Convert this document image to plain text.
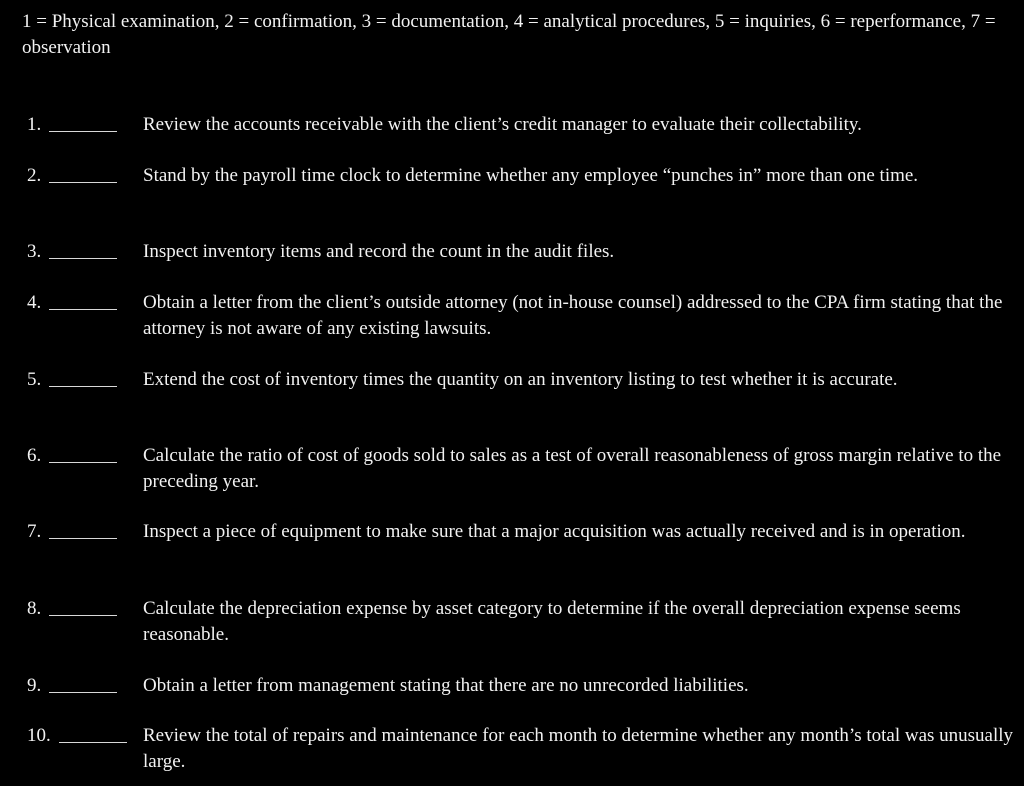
1 = Physical examination, 2 = confirmation, 3 = documentation, 4 = analytical procedures, 5 = inquiries, 6 = reperformance, 7 = observation

1.	Review the accounts receivable with the client’s credit manager to evaluate their collectability.

2.	Stand by the payroll time clock to determine whether any employee “punches in” more than one time.

3.	Inspect inventory items and record the count in the audit files.

4.	Obtain a letter from the client’s outside attorney (not in-house counsel) addressed to the CPA firm stating that the attorney is not aware of any existing lawsuits.

5.	Extend the cost of inventory times the quantity on an inventory listing to test whether it is accurate.

6.	Calculate the ratio of cost of goods sold to sales as a test of overall reasonableness of gross margin relative to the preceding year.

7.	Inspect a piece of equipment to make sure that a major acquisition was actually received and is in operation.

8.	Calculate the depreciation expense by asset category to determine if the overall depreciation expense seems reasonable.

9.	Obtain a letter from management stating that there are no unrecorded liabilities.

10.	Review the total of repairs and maintenance for each month to determine whether any month’s total was unusually large.
